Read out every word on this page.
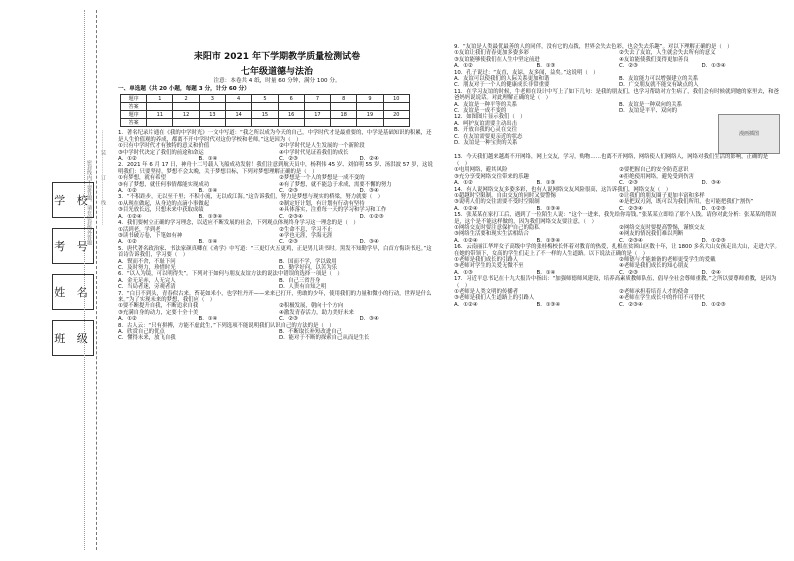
学 校
考 号
姓 名
班 级
密封线内不要答题，请在密封线外答题 …………装…………订…………线…………
耒阳市 2021 年下学期教学质量检测试卷
七年级道德与法治
注意：本卷共 4 纸，时量 60 分钟，满分 100 分。
一、单选题（共 20 小题，每题 3 分，计分 60 分）
题序	1	2	3	4	5	6	7	8	9	10
答案										
题序	11	12	13	14	15	16	17	18	19	20
答案										
1．著名纪录片通在《我的中学时光》一文中写道：“我之所以成为今天的自己，中学时代才是最重要的，中学是基础知识的积累，还是人生价值观的养成，都离不开中学时代对这份学校和老师。”这是因为（　）
①只有中学时代才有独特的意义和价值	②中学时代是人生发展的一个新阶段
③中学时代决定了我们的前途和命运	④中学时代见证着我们的成长
A．①②	B．①④	C．②③	D．②④
2．2021 年 6 月 17 日，神舟十二号载人飞船成功发射！我们注意到航天员中，杨利伟 45 岁、刘伯明 55 岁、汤洪波 57 岁，这说明我们：只要坚持，梦想不会太晚，关于梦想目标，下列对梦想理解正确的是（　）
①有梦想，就有希望	②梦想是一个人的梦想是一成不变的
③有了梦想，就任何事情都能实现成功	④有了梦想，就不能急于求成，需要不懈的努力
A．①②	B．①④	C．②③	D．③④
3．“不积跬步，无以至千里；不积小流，无以成江海。”这告诉我们，努力是梦想与现实的桥梁，努力就要（　）
①从现在做起，从身边的点滴小事做起	②制定好计划，有计划有行动有坚持
③目光放长远，只想未来中获取成绩	④具体落实，注重每一天的学习和学习和工作
A．①②④	B．①③④	C．②③④	D．①②③
4．我们要树立正确的学习理念，以适应不断发展的社会，下列观点体现终身学习这一理念的是（　）
①活到老，学到老	②生命不息，学习不止
③读书破万卷，下笔如有神	④学也无涯，学海无涯
A．①②	B．①④	C．②③	D．③④
5．唐代著名政治家、书法家颜真卿在《劝学》中写道：“三更灯火五更鸡，正是男儿读书时。黑发不知勤学早，白首方悔读书迟。”这首诗告诉我们，学习要（　）
A．锲而不舍，不耻下问	B．国而不学，学以致用
C．及时努力，珍惜时光	D．勤学好问，以苦为乐
6．“以人为镜，可以明得失”。下列对于如何与朋友友谊方法的说法中错误的选择一项是（　）
A．金无足赤，人无完人	B．自己三省吾身
C．当局者迷，旁观者清	D．人贵有自知之明
7．“白日不到头，青春似古来。苔花如米小，也学牡丹开——来来已打开，勇敢的少年，使用我们的力量和微小的行动，世界是什么来。”为了实现未来的梦想，我们应（　）
①要不断提升自我，不断追求自我	②积极发展，朝向十个方向
③充满自身的动力，定要十全十美	④激发青春活力，助力美好未来
A．①②	B．①④	C．②③	D．③④
8．古人云：“只有拼搏，方能不虚此生，”下列选项不能说明我们认识自己的方法的是（　）
A．欣赏自己的优点	B．不断取长补短改进自己
C．懂得未来，放飞自我	D．能对于不断的探索自己从而是生长
9．“友谊是人类最优最善的人的同伴，没有它的点拨，世界会失去色彩，也会失去乐趣”。对以下理解正确的是（　）
①友谊让我们青春更加多姿多彩	②失去了友谊，人生就会失去所有的意义
③友谊能够使我们在人生中坚定前进	④友谊能使我们变得更加善良
A．①②	B．①③	C．②③	D．①③④
10．孔子说过：“友直，友谅，友多闻，益矣。”这说明（　）
A．友谊可以使我们的人际关系更加和谐	B．友谊能力可以增强建立的关系
C．朋友对于一个人的健康成长非常重要	D．广交朋友就不能交有缺点的人
11．在学习友谊的时候，牛老师在设计中写上了如下几句：是我的朋友们，也学习帮助对方生病了，我们会有时候就到她的家里去，和爸爸妈妈说说话。对此理解正确的是（　）
A．友谊是一种平等的关系	B．友谊是一种双向的关系
C．友谊是一成不变的	D．友谊是平平、双向的
12．如图图片显示我们（　）
A．呵护友谊需要主动出击
B．开放自我的心灵在交往
C．在友谊需要更亲近的状态
D．友谊是一种宝贵的关系
漫画插图
13．今天我们越来越离不开网络，网上交友，学习，购物……也离不开网络，网络使人们网络人，网络对我们生活的影响，正确的是（　）
①电用网络，避其风险	②要把握自己的安全防范意识
③充分享受网络交往带来的乐趣	④拒绝使用网络，避免受到伤害
A．①②	B．①③	C．②③	D．③④
14．有人说网络交友多姿多彩，也有人说网络交友风险很高，这告诉我们，网络交友（　）
①超越时空限制，自由交友的同时又要警惕	②让我们的朋友圈子更加丰富和多样
③说明人们的交往需要不受时空限制	④是把双刃剑，既可以为我们所用，也可能把我们“割伤”
A．①②④	B．①③④	C．②③④	D．①②③
15．张某某在家打工后，遇到了一位陌生人说：“这个一进来，我先给你寄钱。”张某某立即给了那个人钱。请你对此分析：张某某的错误是，这个是不能这样做的，因为我们网络交友要注意，（　）
①网络交友时要注意保护自己的隐私	②网络交友时要提高警惕，谨慎交友
③网络生活要和现实生活相结合	④网友的情况我们难以判断
A．①②④	B．①③④	C．②③④	D．①②③
16．云南丽江华坪女子高级中学的张桂梅校长怀着对教育的热爱，扎根在贫困山区数十年，让 1800 多名大山女孩走出大山，走进大学。在她的带领下，女高的学生们走上了不一样的人生道路。以下说法正确的是（　）
①老师是我们成长的引路人	②师德与才能兼备的老师更受学生的爱戴
③老师对学生的关爱无微不至	④老师是我们成长的知心朋友
A．①③	B．①④	C．②③	D．②④
17．习近平总书记在十九大报告中指出：“加强师德师风建设，培养高素质教师队伍，倡导全社会尊师重教。”之所以要尊师重教，是因为（　）
①老师是人类文明的传播者	②老师承担着培育人才的使命
③老师是我们人生道路上的引路人	④老师在学生成长中的作用不可替代
A．①②④	B．①③④	C．②③④	D．①②③
